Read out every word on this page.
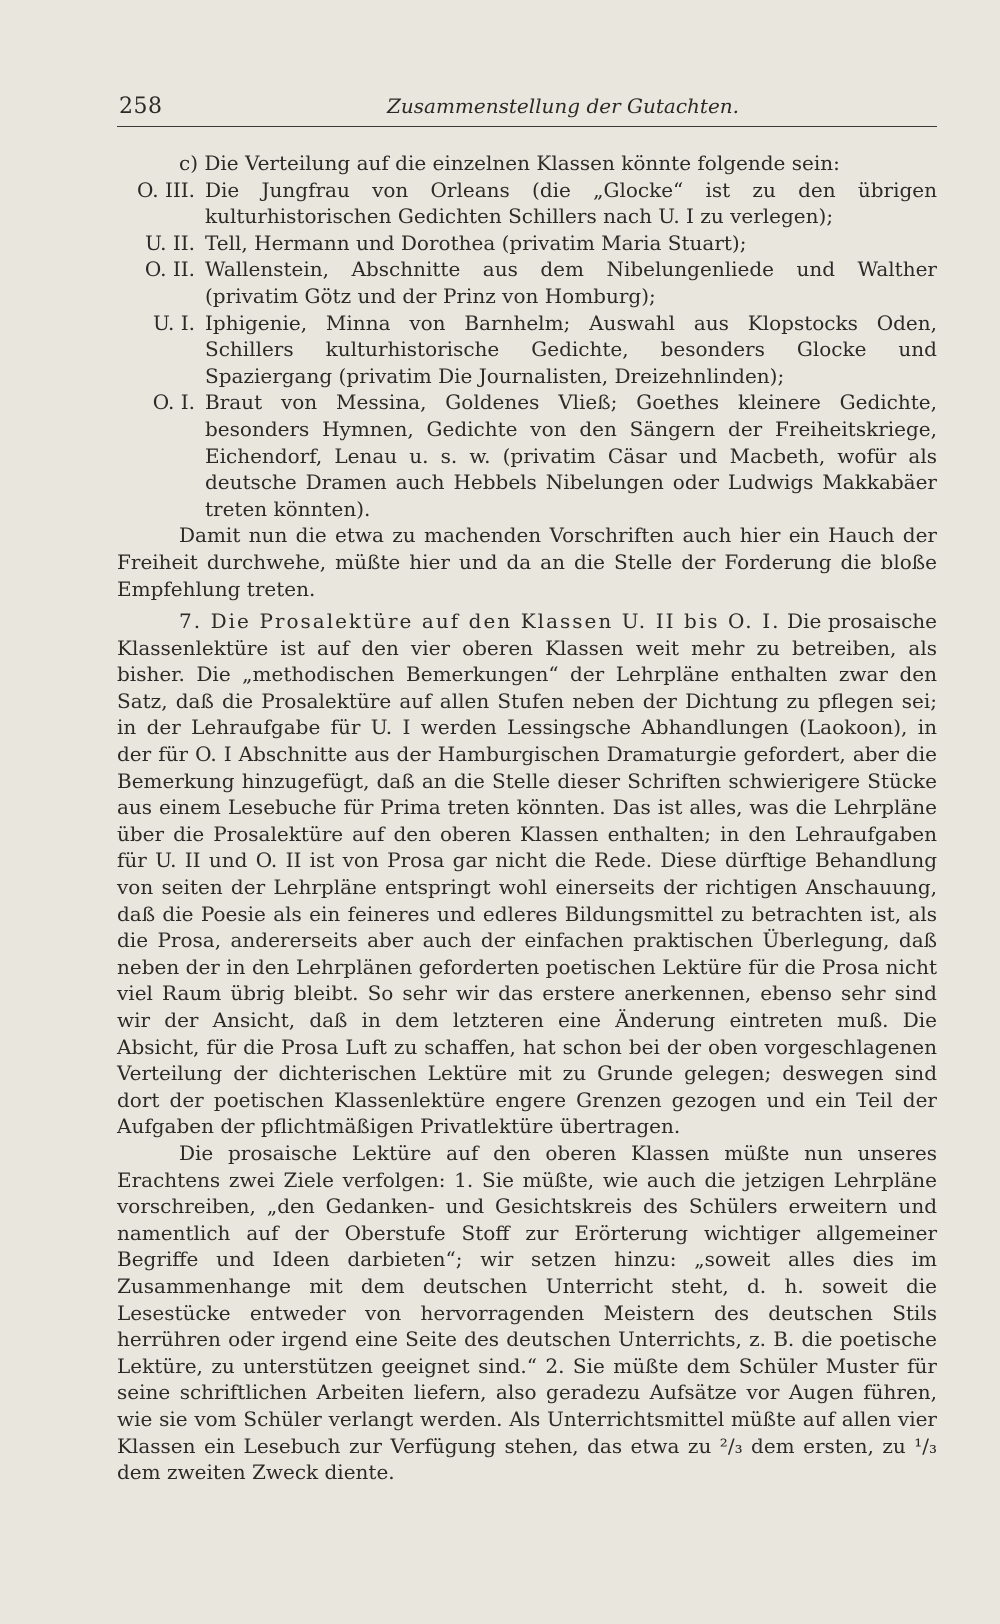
258	Zusammenstellung der Gutachten.

c) Die Verteilung auf die einzelnen Klassen könnte folgende sein:

O. III. Die Jungfrau von Orleans (die „Glocke“ ist zu den übrigen kulturhistorischen Gedichten Schillers nach U. I zu verlegen);

U. II. Tell, Hermann und Dorothea (privatim Maria Stuart);

O. II. Wallenstein, Abschnitte aus dem Nibelungenliede und Walther (privatim Götz und der Prinz von Homburg);

U. I. Iphigenie, Minna von Barnhelm; Auswahl aus Klopstocks Oden, Schillers kulturhistorische Gedichte, besonders Glocke und Spaziergang (privatim Die Journalisten, Dreizehnlinden);

O. I. Braut von Messina, Goldenes Vließ; Goethes kleinere Gedichte, besonders Hymnen, Gedichte von den Sängern der Freiheitskriege, Eichendorf, Lenau u. s. w. (privatim Cäsar und Macbeth, wofür als deutsche Dramen auch Hebbels Nibelungen oder Ludwigs Makkabäer treten könnten).

Damit nun die etwa zu machenden Vorschriften auch hier ein Hauch der Freiheit durchwehe, müßte hier und da an die Stelle der Forderung die bloße Empfehlung treten.

7. Die Prosalektüre auf den Klassen U. II bis O. I. Die prosaische Klassenlektüre ist auf den vier oberen Klassen weit mehr zu betreiben, als bisher. Die „methodischen Bemerkungen“ der Lehrpläne enthalten zwar den Satz, daß die Prosalektüre auf allen Stufen neben der Dichtung zu pflegen sei; in der Lehraufgabe für U. I werden Lessingsche Abhandlungen (Laokoon), in der für O. I Abschnitte aus der Hamburgischen Dramaturgie gefordert, aber die Bemerkung hinzugefügt, daß an die Stelle dieser Schriften schwierigere Stücke aus einem Lesebuche für Prima treten könnten. Das ist alles, was die Lehrpläne über die Prosalektüre auf den oberen Klassen enthalten; in den Lehraufgaben für U. II und O. II ist von Prosa gar nicht die Rede. Diese dürftige Behandlung von seiten der Lehrpläne entspringt wohl einerseits der richtigen Anschauung, daß die Poesie als ein feineres und edleres Bildungsmittel zu betrachten ist, als die Prosa, andererseits aber auch der einfachen praktischen Überlegung, daß neben der in den Lehrplänen geforderten poetischen Lektüre für die Prosa nicht viel Raum übrig bleibt. So sehr wir das erstere anerkennen, ebenso sehr sind wir der Ansicht, daß in dem letzteren eine Änderung eintreten muß. Die Absicht, für die Prosa Luft zu schaffen, hat schon bei der oben vorgeschlagenen Verteilung der dichterischen Lektüre mit zu Grunde gelegen; deswegen sind dort der poetischen Klassenlektüre engere Grenzen gezogen und ein Teil der Aufgaben der pflichtmäßigen Privatlektüre übertragen.

Die prosaische Lektüre auf den oberen Klassen müßte nun unseres Erachtens zwei Ziele verfolgen: 1. Sie müßte, wie auch die jetzigen Lehrpläne vorschreiben, „den Gedanken- und Gesichtskreis des Schülers erweitern und namentlich auf der Oberstufe Stoff zur Erörterung wichtiger allgemeiner Begriffe und Ideen darbieten“; wir setzen hinzu: „soweit alles dies im Zusammenhange mit dem deutschen Unterricht steht, d. h. soweit die Lesestücke entweder von hervorragenden Meistern des deutschen Stils herrühren oder irgend eine Seite des deutschen Unterrichts, z. B. die poetische Lektüre, zu unterstützen geeignet sind.“ 2. Sie müßte dem Schüler Muster für seine schriftlichen Arbeiten liefern, also geradezu Aufsätze vor Augen führen, wie sie vom Schüler verlangt werden. Als Unterrichtsmittel müßte auf allen vier Klassen ein Lesebuch zur Verfügung stehen, das etwa zu ²/₃ dem ersten, zu ¹/₃ dem zweiten Zweck diente.
